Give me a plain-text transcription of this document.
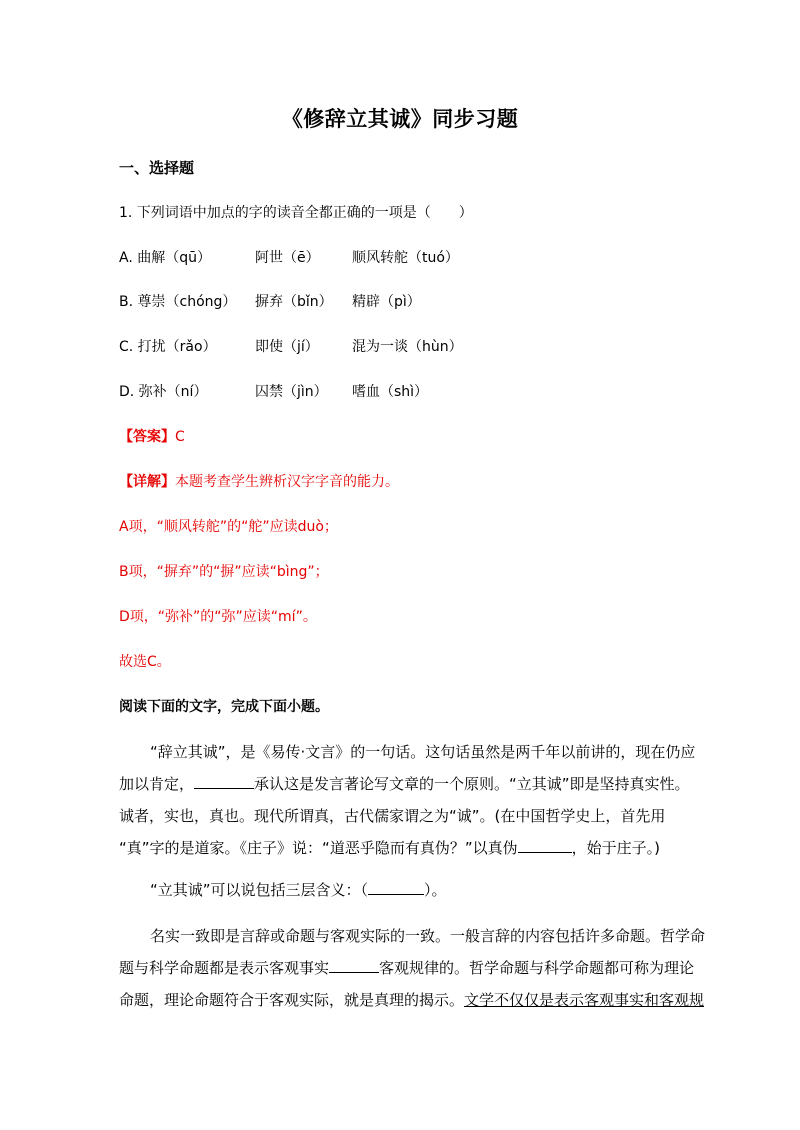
《修辞立其诚》同步习题
一、选择题
1. 下列词语中加点的字的读音全都正确的一项是（　　）
A. 曲解（qū）	阿世（ē） 顺风转舵（tuó）
B. 尊崇（chóng） 摒弃（bǐn） 精辟（pì）
C. 打扰（rǎo）	即使（jí） 混为一谈（hùn）
D. 弥补（ní）	囚禁（jìn） 嗜血（shì）
【答案】C
【详解】本题考查学生辨析汉字字音的能力。
A项，“顺风转舵”的“舵”应读duò；
B项，“摒弃”的“摒”应读“bìng”；
D项，“弥补”的“弥”应读“mí”。
故选C。
阅读下面的文字，完成下面小题。
“辞立其诚”，是《易传·文言》的一句话。这句话虽然是两千年以前讲的，现在仍应
加以肯定，	承认这是发言著论写文章的一个原则。“立其诚”即是坚持真实性。
诚者，实也，真也。现代所谓真，古代儒家谓之为“诚”。(在中国哲学史上，首先用
“真”字的是道家。《庄子》说：“道恶乎隐而有真伪？”以真伪	，始于庄子。)
“立其诚”可以说包括三层含义：（	）。
名实一致即是言辞或命题与客观实际的一致。一般言辞的内容包括许多命题。哲学命
题与科学命题都是表示客观事实	客观规律的。哲学命题与科学命题都可称为理论
命题，理论命题符合于客观实际，就是真理的揭示。文学不仅仅是表示客观事实和客观规
